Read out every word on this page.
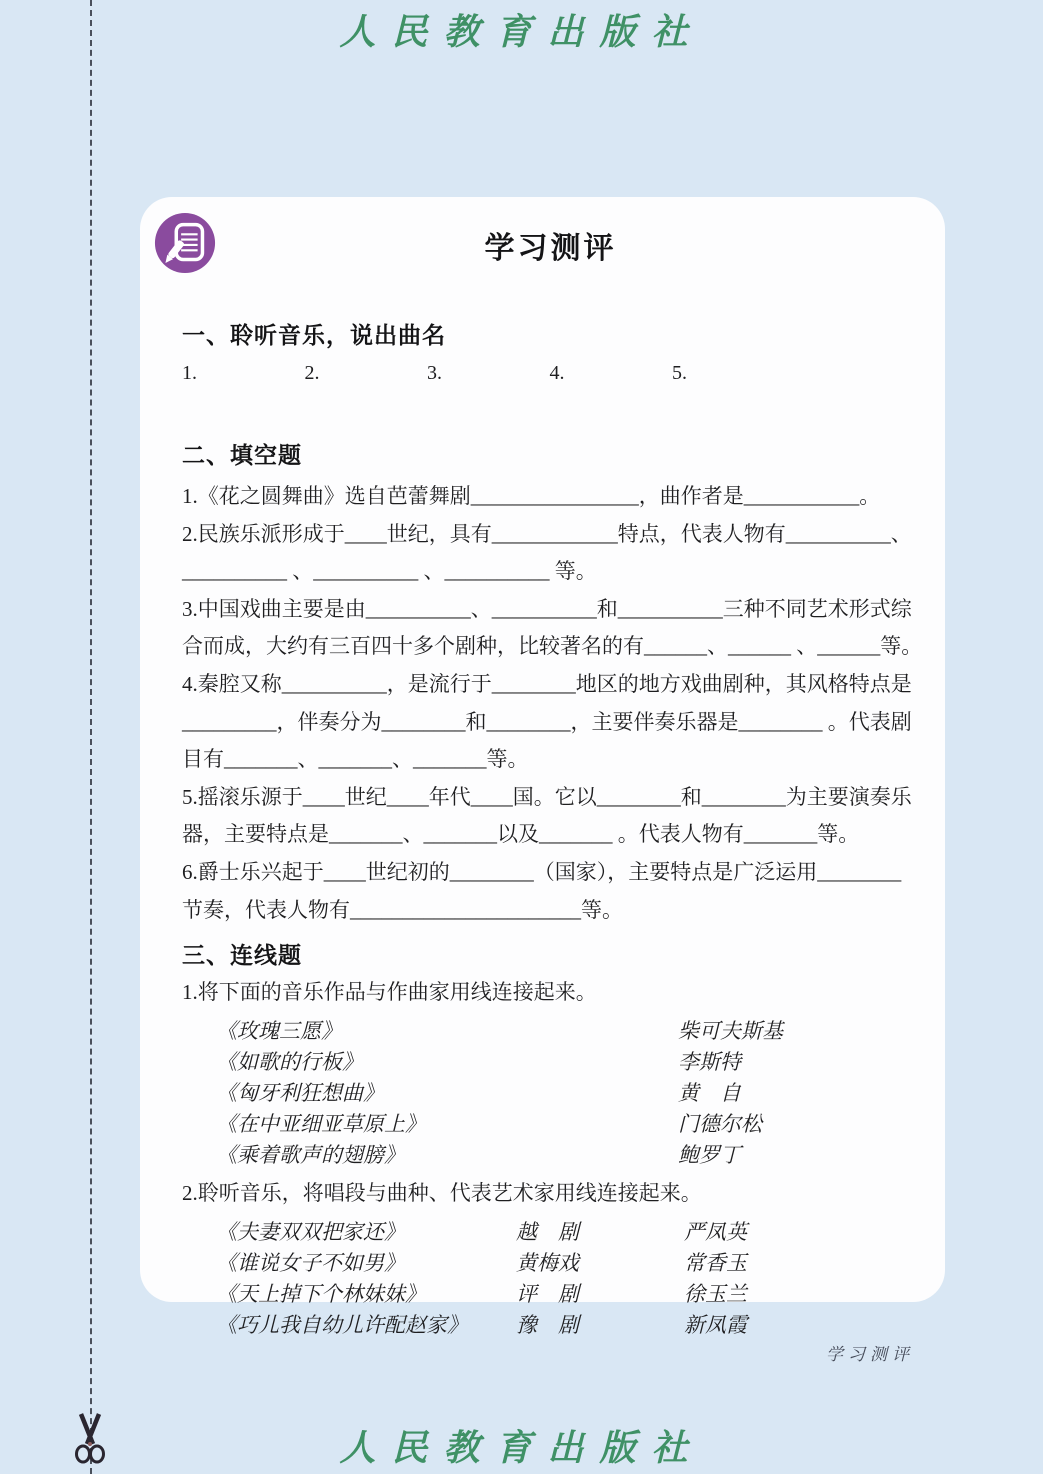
人民教育出版社
学习测评
一、聆听音乐，说出曲名
1.	2.	3.	4.	5.
二、填空题
1.《花之圆舞曲》选自芭蕾舞剧________________，曲作者是___________。
2.民族乐派形成于____世纪，具有____________特点，代表人物有__________、
__________ 、__________ 、__________ 等。
3.中国戏曲主要是由__________、__________和__________三种不同艺术形式综
合而成，大约有三百四十多个剧种，比较著名的有______、______ 、______等。
4.秦腔又称__________，是流行于________地区的地方戏曲剧种，其风格特点是
_________，伴奏分为________和________，主要伴奏乐器是________ 。代表剧
目有_______、_______、_______等。
5.摇滚乐源于____世纪____年代____国。它以________和________为主要演奏乐
器，主要特点是_______、_______以及_______ 。代表人物有_______等。
6.爵士乐兴起于____世纪初的________（国家），主要特点是广泛运用________
节奏，代表人物有______________________等。
三、连线题

1.将下面的音乐作品与作曲家用线连接起来。

《玫瑰三愿》	柴可夫斯基
《如歌的行板》	李斯特
《匈牙利狂想曲》	黄　自
《在中亚细亚草原上》	门德尔松
《乘着歌声的翅膀》	鲍罗丁

2.聆听音乐，将唱段与曲种、代表艺术家用线连接起来。

《夫妻双双把家还》	越　剧	严凤英
《谁说女子不如男》	黄梅戏	常香玉
《天上掉下个林妹妹》	评　剧	徐玉兰
《巧儿我自幼儿许配赵家》	豫　剧	新凤霞
学习测评
人民教育出版社
